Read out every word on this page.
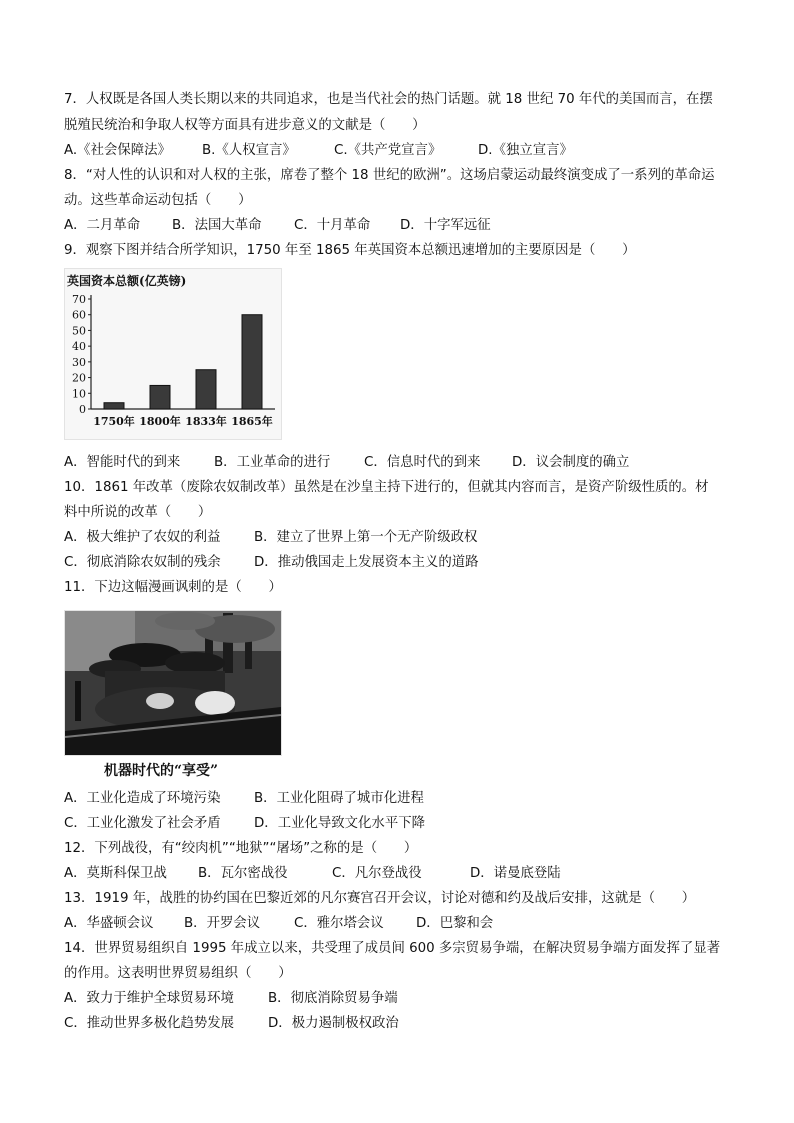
7．人权既是各国人类长期以来的共同追求，也是当代社会的热门话题。就 18 世纪 70 年代的美国而言，在摆
脱殖民统治和争取人权等方面具有进步意义的文献是（　　）
A.《社会保障法》 B.《人权宣言》	C.《共产党宣言》	D.《独立宣言》
8．“对人性的认识和对人权的主张，席卷了整个 18 世纪的欧洲”。这场启蒙运动最终演变成了一系列的革命运
动。这些革命运动包括（　　）
A．二月革命 B．法国大革命 C．十月革命 D．十字军远征
9．观察下图并结合所学知识，1750 年至 1865 年英国资本总额迅速增加的主要原因是（　　）
英国资本总额(亿英镑)
0
10
20
30
40
50
60
70
1750年 1800年 1833年 1865年
A．智能时代的到来	B．工业革命的进行	C．信息时代的到来 D．议会制度的确立
10．1861 年改革（废除农奴制改革）虽然是在沙皇主持下进行的，但就其内容而言，是资产阶级性质的。材
料中所说的改革（　　）
A．极大维护了农奴的利益	B．建立了世界上第一个无产阶级政权
C．彻底消除农奴制的残余 D．推动俄国走上发展资本主义的道路
11．下边这幅漫画讽刺的是（　　）
机器时代的“享受”
A．工业化造成了环境污染	B．工业化阻碍了城市化进程
C．工业化激发了社会矛盾 D．工业化导致文化水平下降
12．下列战役，有“绞肉机”“地狱”“屠场”之称的是（　　）
A．莫斯科保卫战 B．瓦尔密战役	C．凡尔登战役	D．诺曼底登陆
13．1919 年，战胜的协约国在巴黎近郊的凡尔赛宫召开会议，讨论对德和约及战后安排，这就是（　　）
A．华盛顿会议 B．开罗会议	C．雅尔塔会议 D．巴黎和会
14．世界贸易组织自 1995 年成立以来，共受理了成员间 600 多宗贸易争端，在解决贸易争端方面发挥了显著
的作用。这表明世界贸易组织（　　）
A．致力于维护全球贸易环境	B．彻底消除贸易争端
C．推动世界多极化趋势发展	D．极力遏制极权政治
